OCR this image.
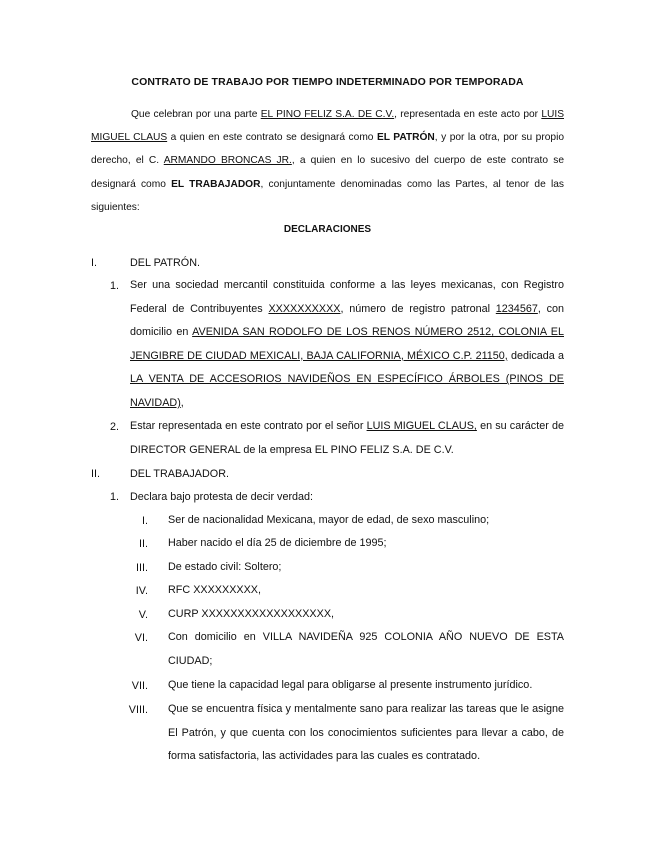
CONTRATO DE TRABAJO POR TIEMPO INDETERMINADO POR TEMPORADA
Que celebran por una parte EL PINO FELIZ S.A. DE C.V., representada en este acto por LUIS MIGUEL CLAUS a quien en este contrato se designará como EL PATRÓN, y por la otra, por su propio derecho, el C. ARMANDO BRONCAS JR., a quien en lo sucesivo del cuerpo de este contrato se designará como EL TRABAJADOR, conjuntamente denominadas como las Partes, al tenor de las siguientes:
DECLARACIONES
I.	DEL PATRÓN.
1. Ser una sociedad mercantil constituida conforme a las leyes mexicanas, con Registro Federal de Contribuyentes XXXXXXXXXX, número de registro patronal 1234567, con domicilio en AVENIDA SAN RODOLFO DE LOS RENOS NÚMERO 2512, COLONIA EL JENGIBRE DE CIUDAD MEXICALI, BAJA CALIFORNIA, MÉXICO C.P. 21150, dedicada a LA VENTA DE ACCESORIOS NAVIDEÑOS EN ESPECÍFICO ÁRBOLES (PINOS DE NAVIDAD),
2. Estar representada en este contrato por el señor LUIS MIGUEL CLAUS, en su carácter de DIRECTOR GENERAL de la empresa EL PINO FELIZ S.A. DE C.V.
II.	DEL TRABAJADOR.
1. Declara bajo protesta de decir verdad:
I. Ser de nacionalidad Mexicana, mayor de edad, de sexo masculino;
II. Haber nacido el día 25 de diciembre de 1995;
III. De estado civil: Soltero;
IV. RFC XXXXXXXXX,
V. CURP XXXXXXXXXXXXXXXXXX,
VI. Con domicilio en VILLA NAVIDEÑA 925 COLONIA AÑO NUEVO DE ESTA CIUDAD;
VII. Que tiene la capacidad legal para obligarse al presente instrumento jurídico.
VIII. Que se encuentra física y mentalmente sano para realizar las tareas que le asigne El Patrón, y que cuenta con los conocimientos suficientes para llevar a cabo, de forma satisfactoria, las actividades para las cuales es contratado.
